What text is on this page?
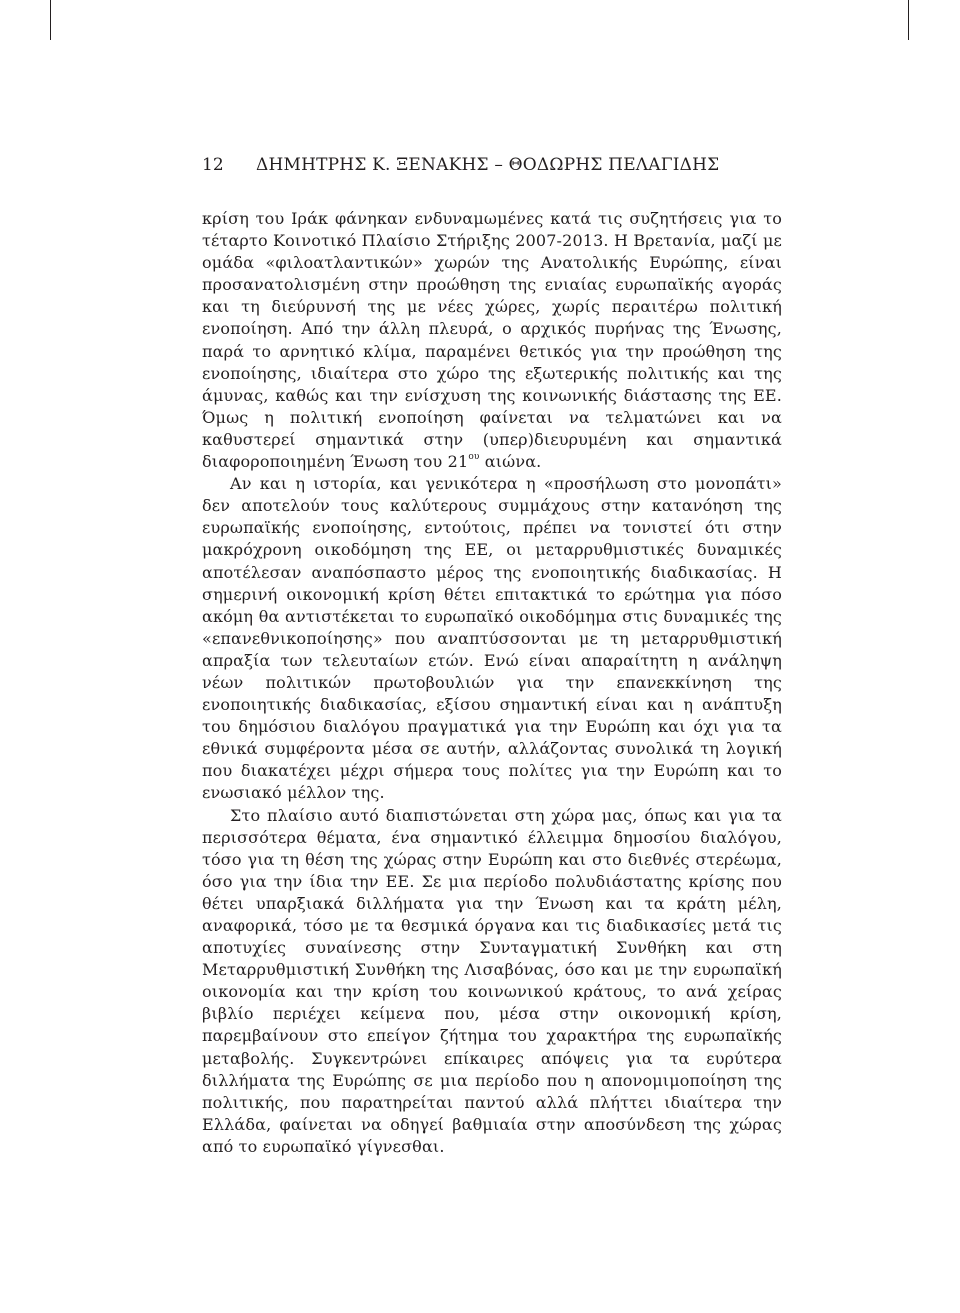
12 ΔΗΜΗΤΡΗΣ Κ. ΞΕΝΑΚΗΣ – ΘΟΔΩΡΗΣ ΠΕΛΑΓΙΔΗΣ

κρίση του Ιράκ φάνηκαν ενδυναμωμένες κατά τις συζητήσεις για το τέταρτο Κοινοτικό Πλαίσιο Στήριξης 2007-2013. Η Βρετανία, μαζί με ομάδα «φιλοατλαντικών» χωρών της Ανατολικής Ευρώπης, είναι προσανατολισμένη στην προώθηση της ενιαίας ευρωπαϊκής αγοράς και τη διεύρυνσή της με νέες χώρες, χωρίς περαιτέρω πολιτική ενοποίηση. Από την άλλη πλευρά, ο αρχικός πυρήνας της Ένωσης, παρά το αρνητικό κλίμα, παραμένει θετικός για την προώθηση της ενοποίησης, ιδιαίτερα στο χώρο της εξωτερικής πολιτικής και της άμυνας, καθώς και την ενίσχυση της κοινωνικής διάστασης της ΕΕ. Όμως η πολιτική ενοποίηση φαίνεται να τελματώνει και να καθυστερεί σημαντικά στην (υπερ)διευρυμένη και σημαντικά διαφοροποιημένη Ένωση του $21^{o\upsilon}$ αιώνα.

Αν και η ιστορία, και γενικότερα η «προσήλωση στο μονοπάτι» δεν αποτελούν τους καλύτερους συμμάχους στην κατανόηση της ευρωπαϊκής ενοποίησης, εντούτοις, πρέπει να τονιστεί ότι στην μακρόχρονη οικοδόμηση της ΕΕ, οι μεταρρυθμιστικές δυναμικές αποτέλεσαν αναπόσπαστο μέρος της ενοποιητικής διαδικασίας. Η σημερινή οικονομική κρίση θέτει επιτακτικά το ερώτημα για πόσο ακόμη θα αντιστέκεται το ευρωπαϊκό οικοδόμημα στις δυναμικές της «επανεθνικοποίησης» που αναπτύσσονται με τη μεταρρυθμιστική απραξία των τελευταίων ετών. Ενώ είναι απαραίτητη η ανάληψη νέων πολιτικών πρωτοβουλιών για την επανεκκίνηση της ενοποιητικής διαδικασίας, εξίσου σημαντική είναι και η ανάπτυξη του δημόσιου διαλόγου πραγματικά για την Ευρώπη και όχι για τα εθνικά συμφέροντα μέσα σε αυτήν, αλλάζοντας συνολικά τη λογική που διακατέχει μέχρι σήμερα τους πολίτες για την Ευρώπη και το ενωσιακό μέλλον της.

Στο πλαίσιο αυτό διαπιστώνεται στη χώρα μας, όπως και για τα περισσότερα θέματα, ένα σημαντικό έλλειμμα δημοσίου διαλόγου, τόσο για τη θέση της χώρας στην Ευρώπη και στο διεθνές στερέωμα, όσο για την ίδια την ΕΕ. Σε μια περίοδο πολυδιάστατης κρίσης που θέτει υπαρξιακά διλλήματα για την Ένωση και τα κράτη μέλη, αναφορικά, τόσο με τα θεσμικά όργανα και τις διαδικασίες μετά τις αποτυχίες συναίνεσης στην Συνταγματική Συνθήκη και στη Μεταρρυθμιστική Συνθήκη της Λισαβόνας, όσο και με την ευρωπαϊκή οικονομία και την κρίση του κοινωνικού κράτους, το ανά χείρας βιβλίο περιέχει κείμενα που, μέσα στην οικονομική κρίση, παρεμβαίνουν στο επείγον ζήτημα του χαρακτήρα της ευρωπαϊκής μεταβολής. Συγκεντρώνει επίκαιρες απόψεις για τα ευρύτερα διλλήματα της Ευρώπης σε μια περίοδο που η απονομιμοποίηση της πολιτικής, που παρατηρείται παντού αλλά πλήττει ιδιαίτερα την Ελλάδα, φαίνεται να οδηγεί βαθμιαία στην αποσύνδεση της χώρας από το ευρωπαϊκό γίγνεσθαι.
